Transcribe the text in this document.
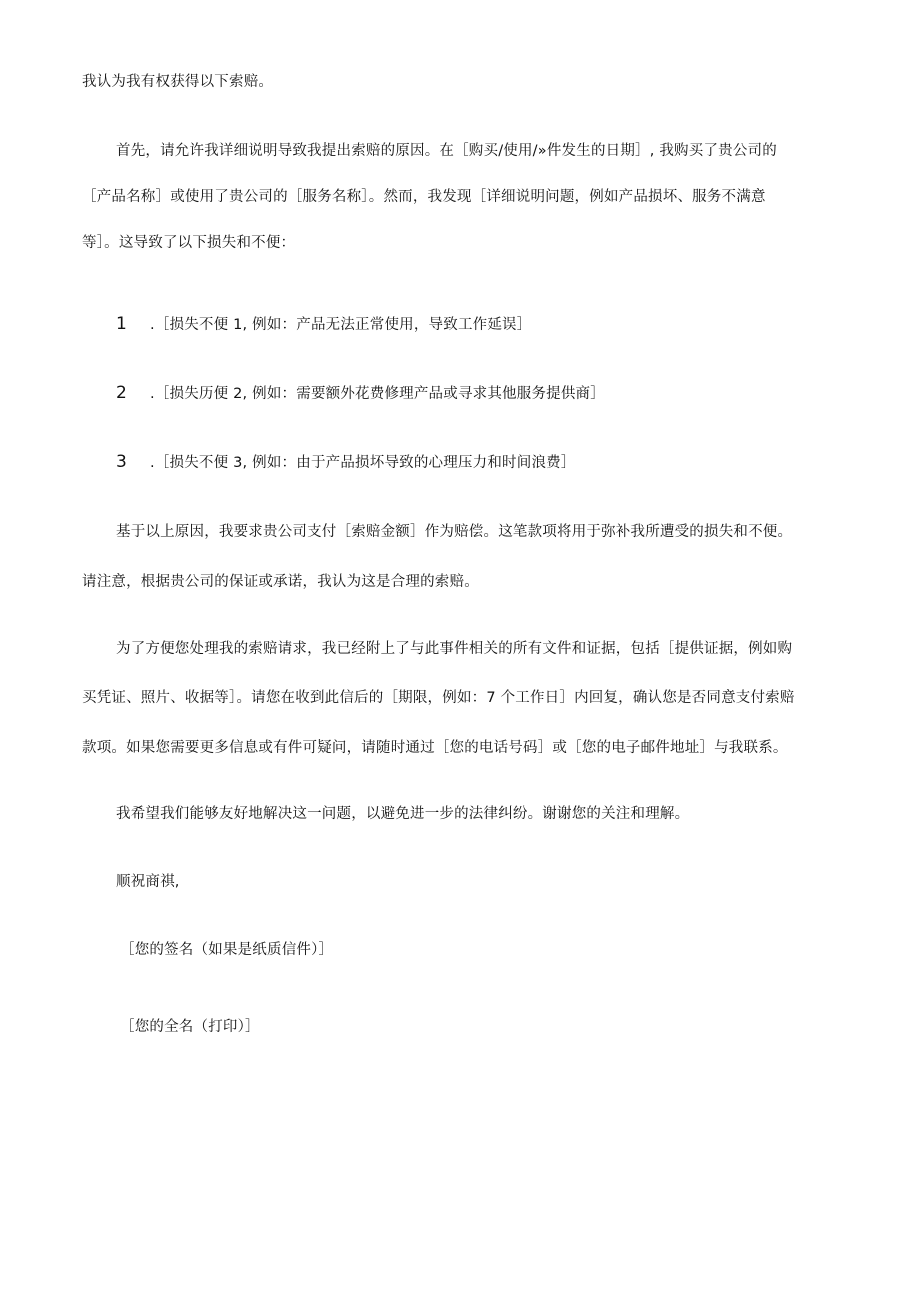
我认为我有权获得以下索赔。
首先，请允许我详细说明导致我提出索赔的原因。在［购买/使用/»件发生的日期］, 我购买了贵公司的
［产品名称］或使用了贵公司的［服务名称］。然而，我发现［详细说明问题，例如产品损坏、服务不满意
等］。这导致了以下损失和不便：
1 .［损失不便 1, 例如：产品无法正常使用，导致工作延误］
2 .［损失历便 2, 例如：需要额外花费修理产品或寻求其他服务提供商］
3 .［损失不便 3, 例如：由于产品损坏导致的心理压力和时间浪费］
基于以上原因，我要求贵公司支付［索赔金额］作为赔偿。这笔款项将用于弥补我所遭受的损失和不便。
请注意，根据贵公司的保证或承诺，我认为这是合理的索赔。
为了方便您处理我的索赔请求，我已经附上了与此事件相关的所有文件和证据，包括［提供证据，例如购
买凭证、照片、收据等］。请您在收到此信后的［期限，例如：7 个工作日］内回复，确认您是否同意支付索赔
款项。如果您需要更多信息或有件可疑问，请随时通过［您的电话号码］或［您的电子邮件地址］与我联系。
我希望我们能够友好地解决这一问题，以避免进一步的法律纠纷。谢谢您的关注和理解。
顺祝商祺,
［您的签名（如果是纸质信件）］
［您的全名（打印）］
